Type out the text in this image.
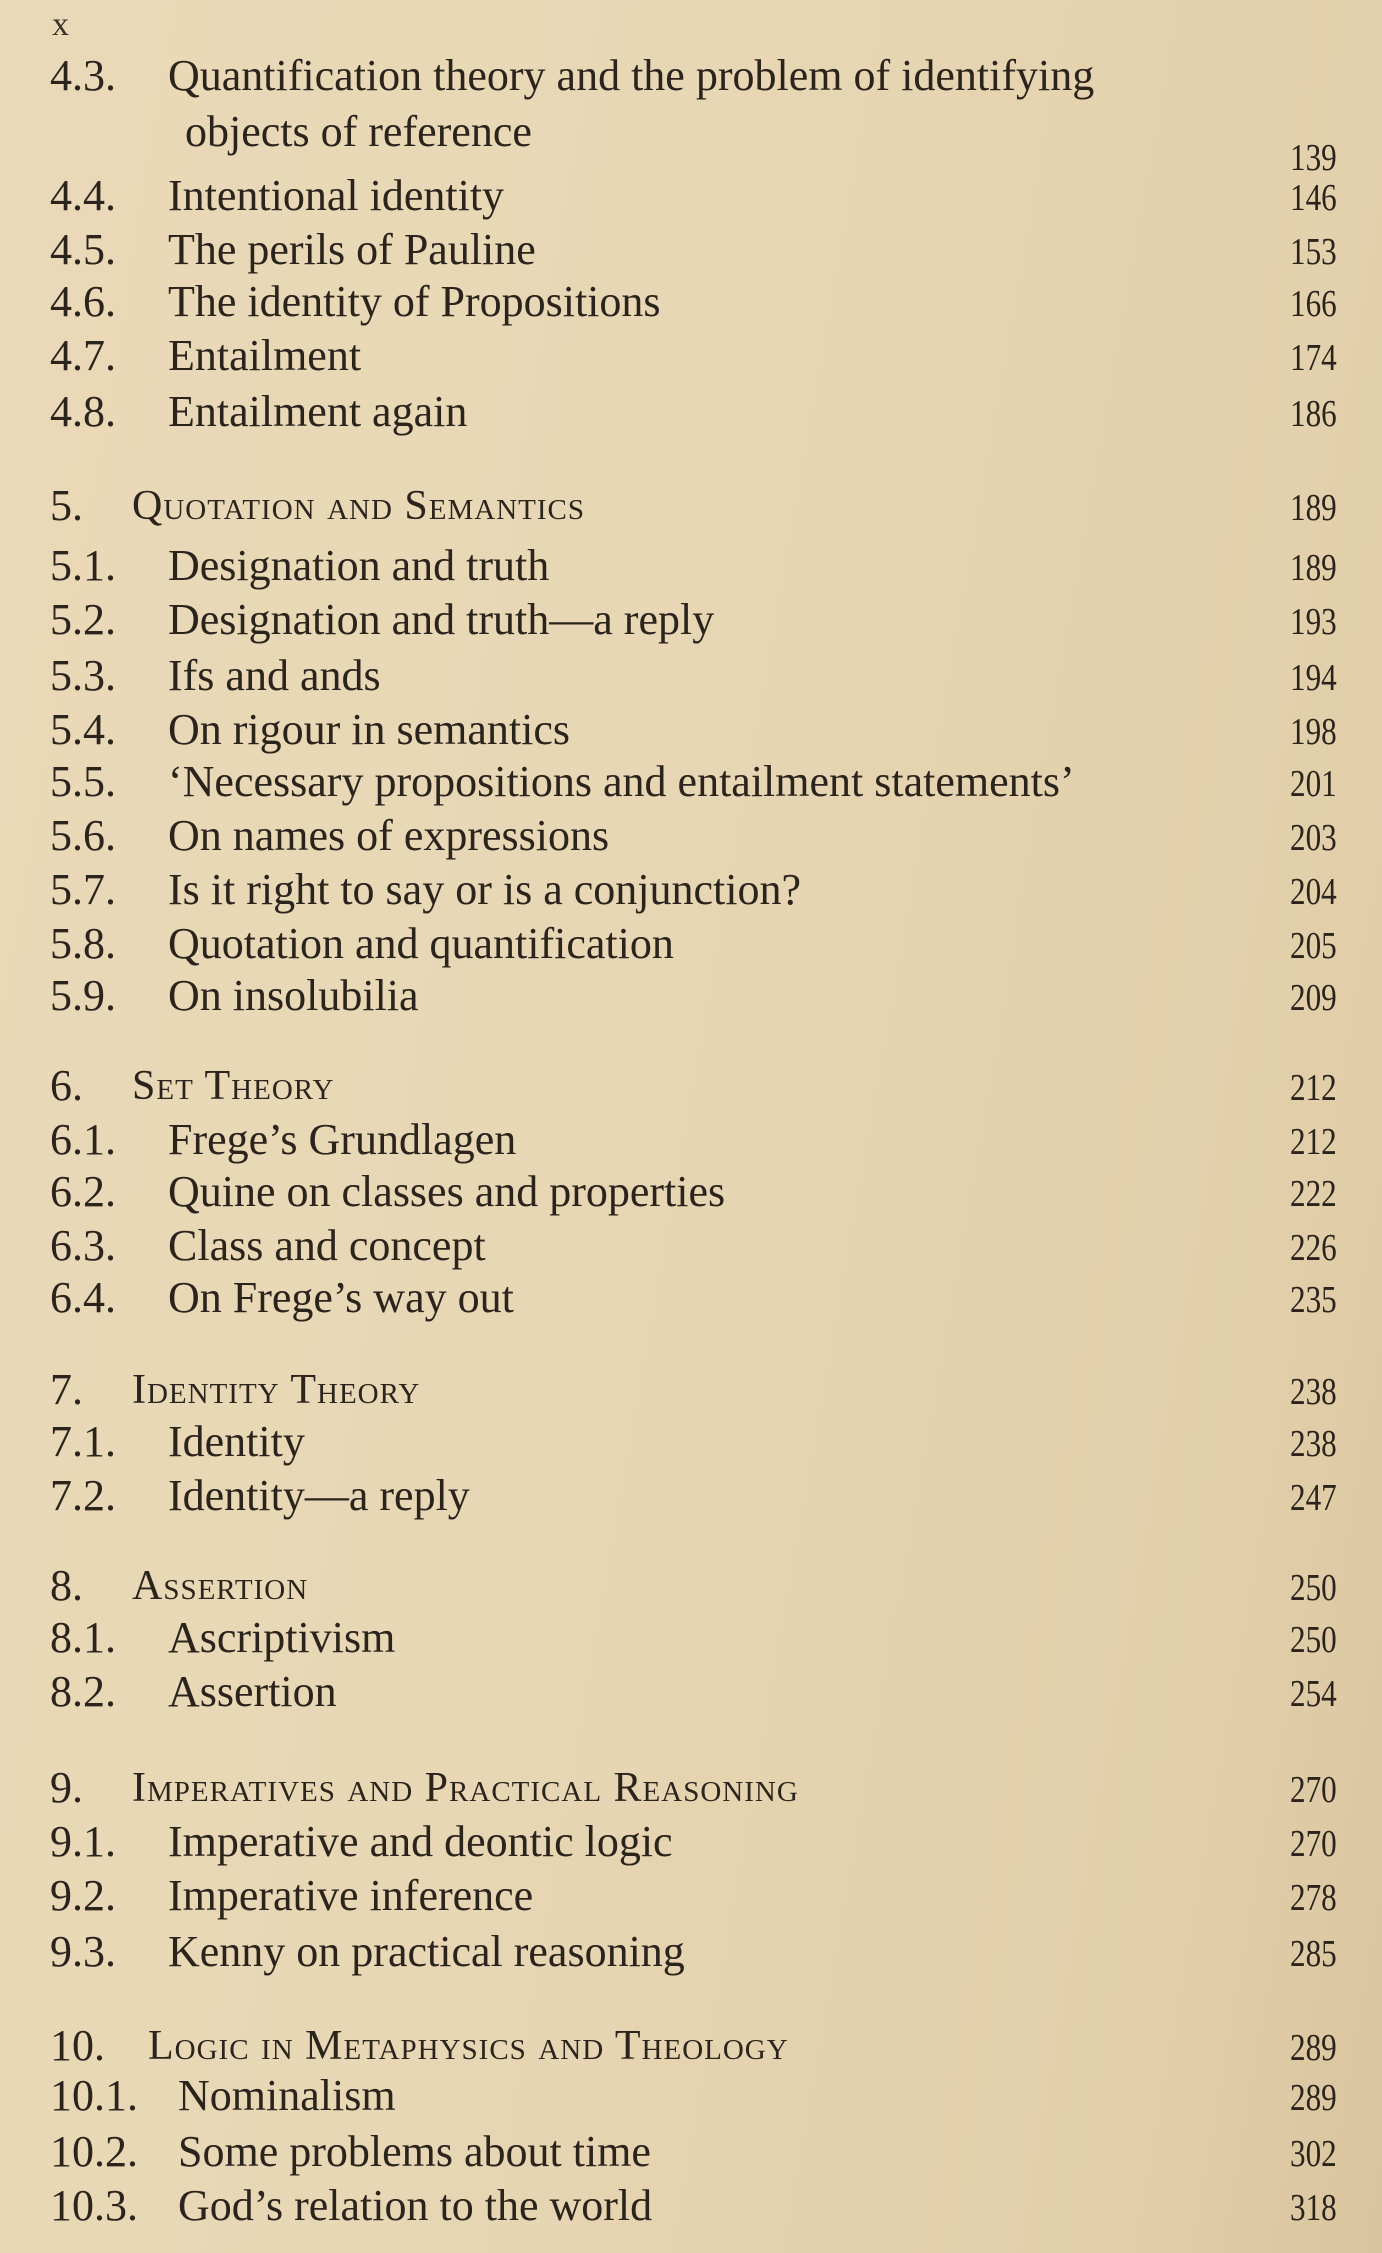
x
4.3. Quantification theory and the problem of identifying
objects of reference
139
4.4. Intentional identity	146
4.5. The perils of Pauline	153
4.6. The identity of Propositions	166
4.7. Entailment	174
4.8. Entailment again	186
5. Quotation and Semantics	189
5.1. Designation and truth	189
5.2. Designation and truth—a reply	193
5.3. Ifs and ands	194
5.4. On rigour in semantics	198
5.5. ‘Necessary propositions and entailment statements’	201
5.6. On names of expressions	203
5.7. Is it right to say or is a conjunction?	204
5.8. Quotation and quantification	205
5.9. On insolubilia	209
6. Set Theory	212
6.1. Frege’s Grundlagen	212
6.2. Quine on classes and properties	222
6.3. Class and concept	226
6.4. On Frege’s way out	235
7. Identity Theory	238
7.1. Identity	238
7.2. Identity—a reply	247
8. Assertion	250
8.1. Ascriptivism	250
8.2. Assertion	254
9. Imperatives and Practical Reasoning	270
9.1. Imperative and deontic logic	270
9.2. Imperative inference	278
9.3. Kenny on practical reasoning	285
10. Logic in Metaphysics and Theology	289
10.1. Nominalism	289
10.2. Some problems about time	302
10.3. God’s relation to the world	318
